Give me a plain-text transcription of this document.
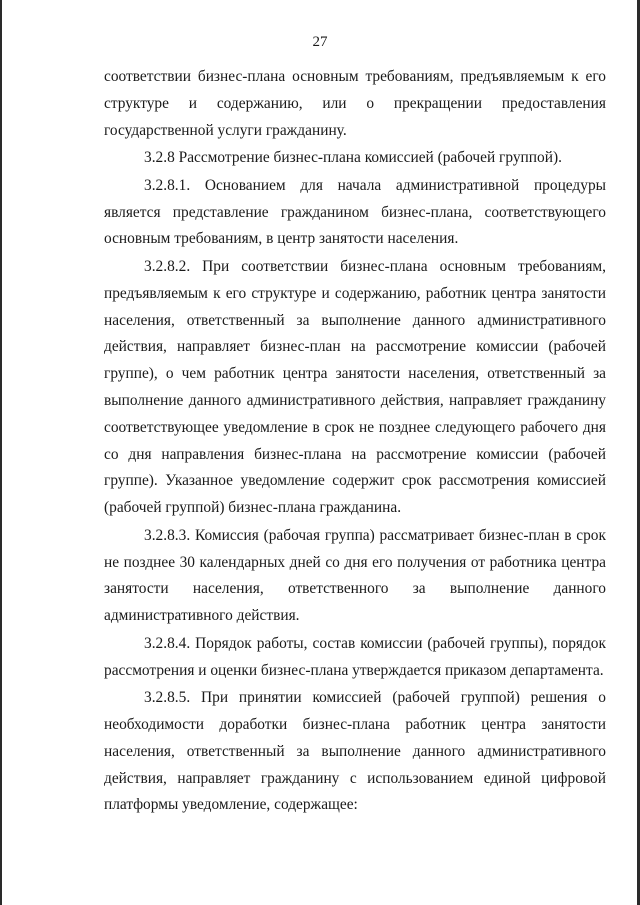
27

соответствии бизнес-плана основным требованиям, предъявляемым к его структуре и содержанию, или о прекращении предоставления государственной услуги гражданину.

3.2.8 Рассмотрение бизнес-плана комиссией (рабочей группой).

3.2.8.1. Основанием для начала административной процедуры является представление гражданином бизнес-плана, соответствующего основным требованиям, в центр занятости населения.

3.2.8.2. При соответствии бизнес-плана основным требованиям, предъявляемым к его структуре и содержанию, работник центра занятости населения, ответственный за выполнение данного административного действия, направляет бизнес-план на рассмотрение комиссии (рабочей группе), о чем работник центра занятости населения, ответственный за выполнение данного административного действия, направляет гражданину соответствующее уведомление в срок не позднее следующего рабочего дня со дня направления бизнес-плана на рассмотрение комиссии (рабочей группе). Указанное уведомление содержит срок рассмотрения комиссией (рабочей группой) бизнес-плана гражданина.

3.2.8.3. Комиссия (рабочая группа) рассматривает бизнес-план в срок не позднее 30 календарных дней со дня его получения от работника центра занятости населения, ответственного за выполнение данного административного действия.

3.2.8.4. Порядок работы, состав комиссии (рабочей группы), порядок рассмотрения и оценки бизнес-плана утверждается приказом департамента.

3.2.8.5. При принятии комиссией (рабочей группой) решения о необходимости доработки бизнес-плана работник центра занятости населения, ответственный за выполнение данного административного действия, направляет гражданину с использованием единой цифровой платформы уведомление, содержащее:
